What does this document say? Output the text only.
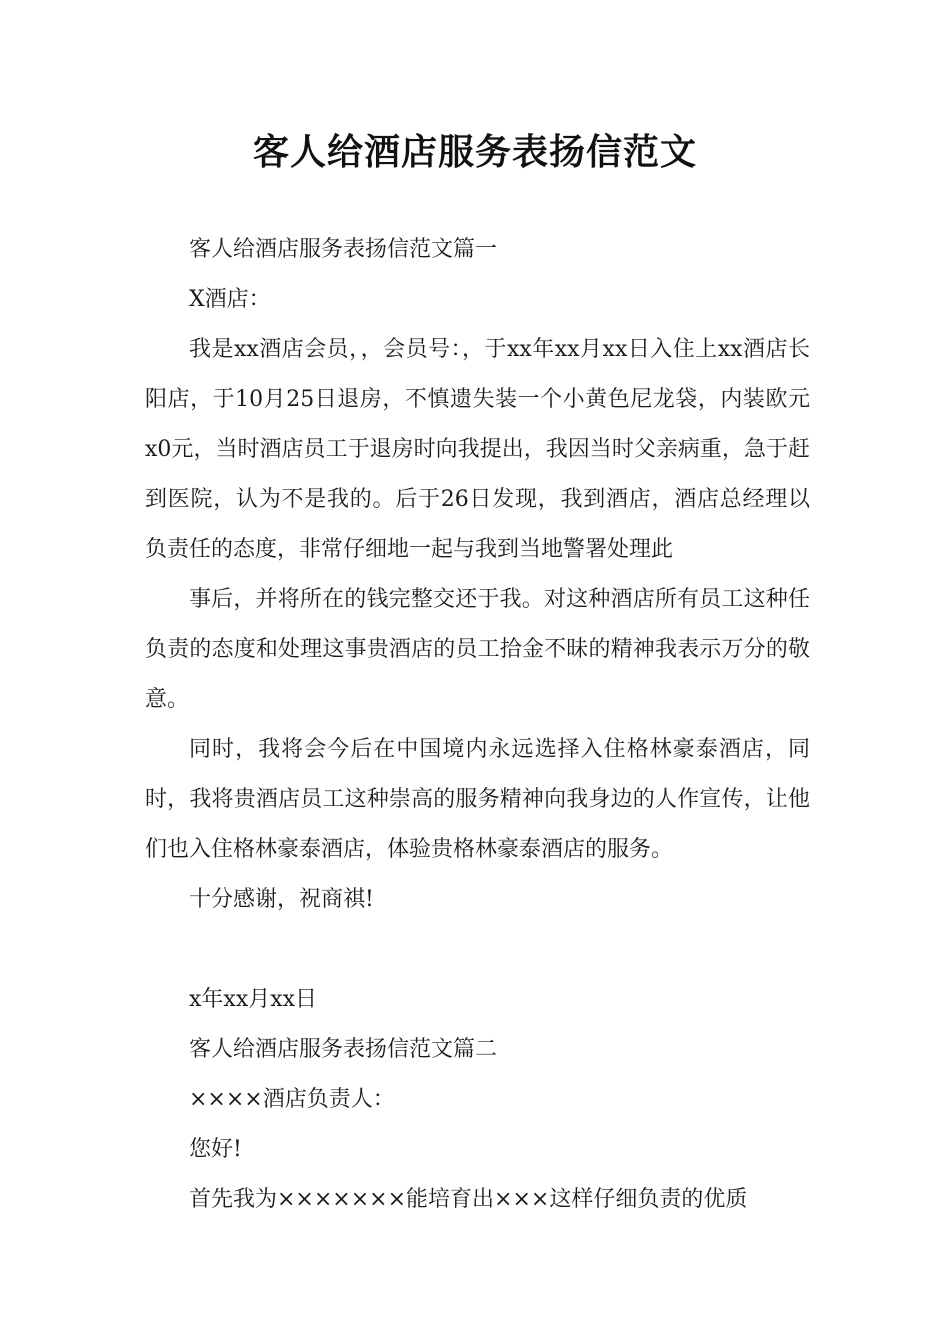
客人给酒店服务表扬信范文

客人给酒店服务表扬信范文篇一

X酒店：

我是xx酒店会员，，会员号：，于xx年xx月xx日入住上xx酒店长阳店，于10月25日退房，不慎遗失装一个小黄色尼龙袋，内装欧元x0元，当时酒店员工于退房时向我提出，我因当时父亲病重，急于赶到医院，认为不是我的。后于26日发现，我到酒店，酒店总经理以负责任的态度，非常仔细地一起与我到当地警署处理此

事后，并将所在的钱完整交还于我。对这种酒店所有员工这种任负责的态度和处理这事贵酒店的员工拾金不昧的精神我表示万分的敬意。

同时，我将会今后在中国境内永远选择入住格林豪泰酒店，同时，我将贵酒店员工这种崇高的服务精神向我身边的人作宣传，让他们也入住格林豪泰酒店，体验贵格林豪泰酒店的服务。

十分感谢，祝商祺!

x年xx月xx日

客人给酒店服务表扬信范文篇二

××××酒店负责人：

您好!

首先我为×××××××能培育出×××这样仔细负责的优质
